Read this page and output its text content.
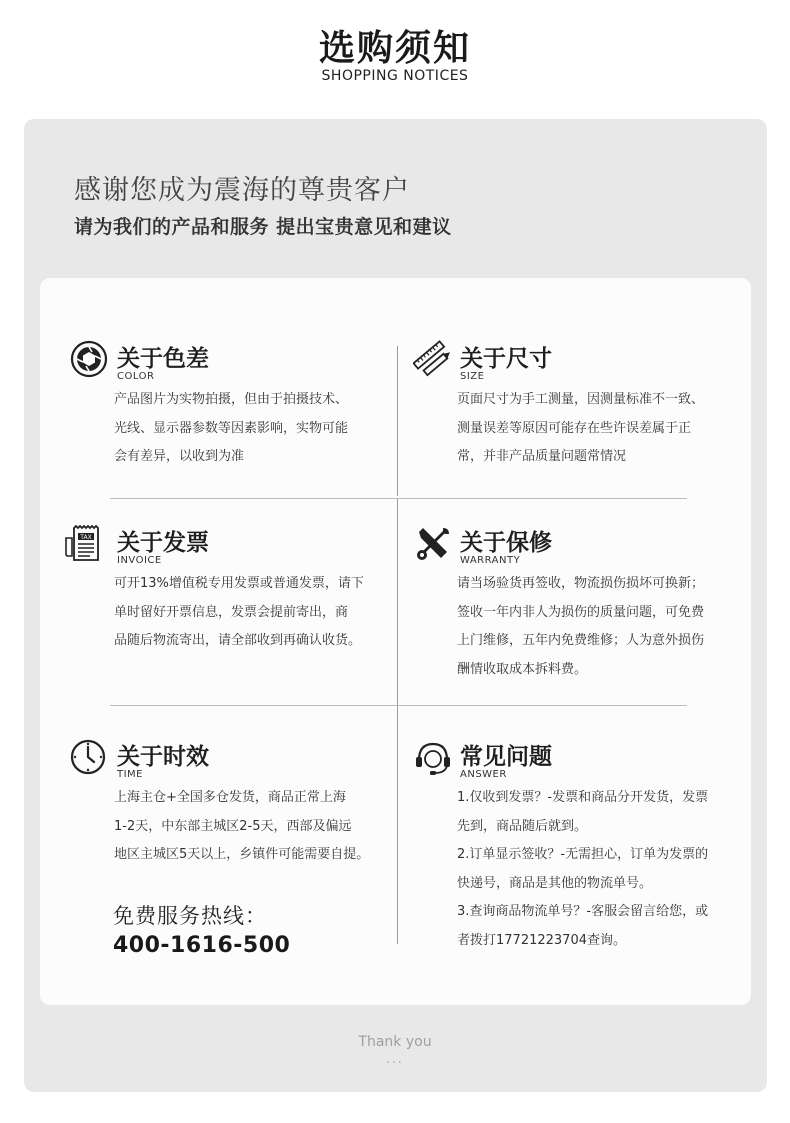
选购须知
SHOPPING NOTICES
感谢您成为震海的尊贵客户
请为我们的产品和服务 提出宝贵意见和建议
关于色差
COLOR
产品图片为实物拍摄，但由于拍摄技术、
光线、显示器参数等因素影响，实物可能
会有差异，以收到为准
关于尺寸
SIZE
页面尺寸为手工测量，因测量标准不一致、
测量误差等原因可能存在些许误差属于正
常，并非产品质量问题常情况
TAX 关于发票
INVOICE
可开13%增值税专用发票或普通发票，请下
单时留好开票信息，发票会提前寄出，商
品随后物流寄出，请全部收到再确认收货。
关于保修
WARRANTY
请当场验货再签收，物流损伤损坏可换新；
签收一年内非人为损伤的质量问题，可免费
上门维修，五年内免费维修；人为意外损伤
酬情收取成本拆料费。
关于时效
TIME
上海主仓+全国多仓发货，商品正常上海
1-2天，中东部主城区2-5天，西部及偏远
地区主城区5天以上，乡镇件可能需要自提。
常见问题
ANSWER
1.仅收到发票？-发票和商品分开发货，发票
先到，商品随后就到。
2.订单显示签收？-无需担心，订单为发票的
快递号，商品是其他的物流单号。
3.查询商品物流单号？-客服会留言给您，或
者拨打17721223704查询。
免费服务热线：
400-1616-500
Thank you
...
